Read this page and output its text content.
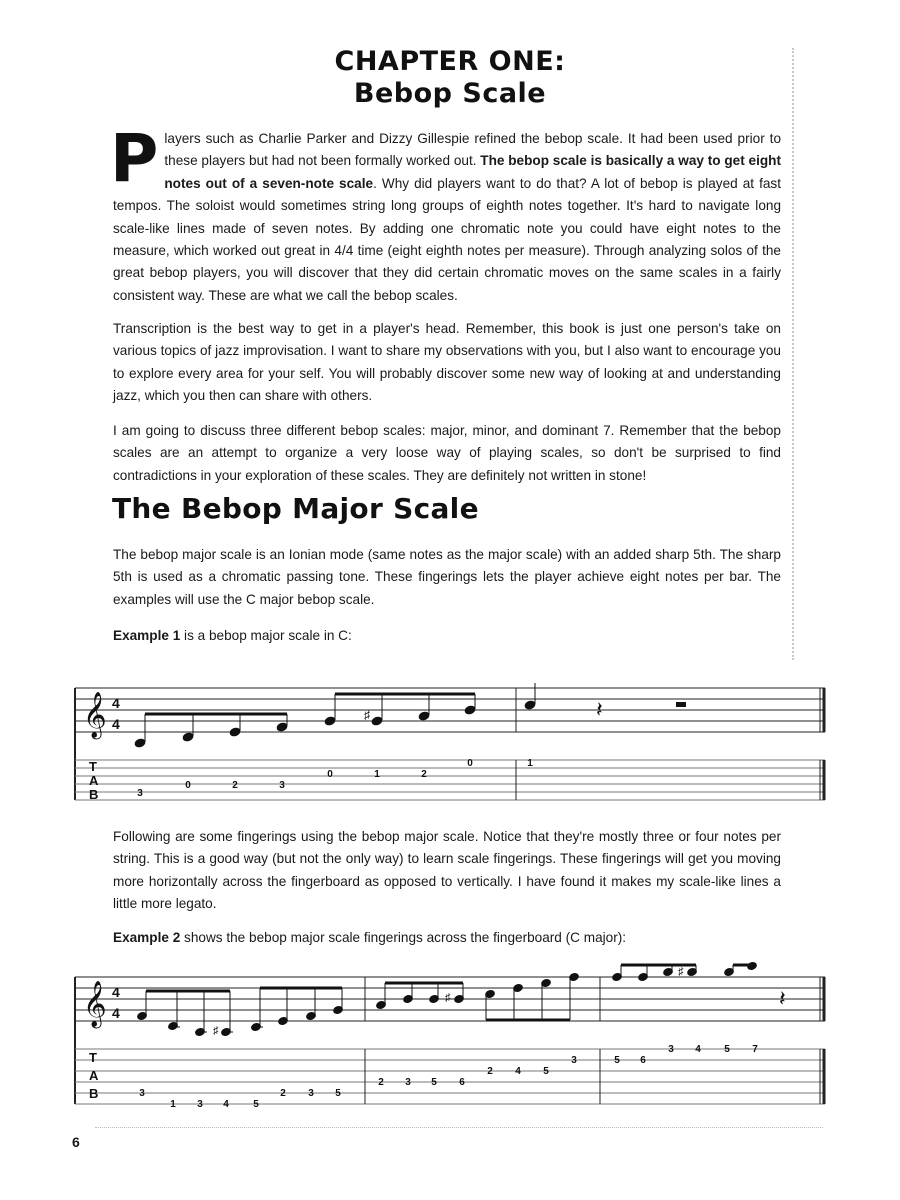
CHAPTER ONE:
Bebop Scale

Players such as Charlie Parker and Dizzy Gillespie refined the bebop scale. It had been used prior to these players but had not been formally worked out. The bebop scale is basically a way to get eight notes out of a seven-note scale. Why did players want to do that? A lot of bebop is played at fast tempos. The soloist would sometimes string long groups of eighth notes together. It's hard to navigate long scale-like lines made of seven notes. By adding one chromatic note you could have eight notes to the measure, which worked out great in 4/4 time (eight eighth notes per measure). Through analyzing solos of the great bebop players, you will discover that they did certain chromatic moves on the same scales in a fairly consistent way. These are what we call the bebop scales.

Transcription is the best way to get in a player's head. Remember, this book is just one person's take on various topics of jazz improvisation. I want to share my observations with you, but I also want to encourage you to explore every area for your self. You will probably discover some new way of looking at and understanding jazz, which you then can share with others.

I am going to discuss three different bebop scales: major, minor, and dominant 7. Remember that the bebop scales are an attempt to organize a very loose way of playing scales, so don't be surprised to find contradictions in your exploration of these scales. They are definitely not written in stone!

The Bebop Major Scale

The bebop major scale is an Ionian mode (same notes as the major scale) with an added sharp 5th. The sharp 5th is used as a chromatic passing tone. These fingerings lets the player achieve eight notes per bar. The examples will use the C major bebop scale.

Example 1 is a bebop major scale in C:

Following are some fingerings using the bebop major scale. Notice that they're mostly three or four notes per string. This is a good way (but not the only way) to learn scale fingerings. These fingerings will get you moving more horizontally across the fingerboard as opposed to vertically. I have found it makes my scale-like lines a little more legato.

Example 2 shows the bebop major scale fingerings across the fingerboard (C major):
𝄞 4
4
♯	𝄽
T
A
B	3
0	2	3
0	1	2
0	1
𝄞 4
4
♯
♯
♯
𝄽
T
A
B	3
1 3 4 5
2 3 5
2 3 5 6
2 4 5
3	5 6
3 4 5 7
6
